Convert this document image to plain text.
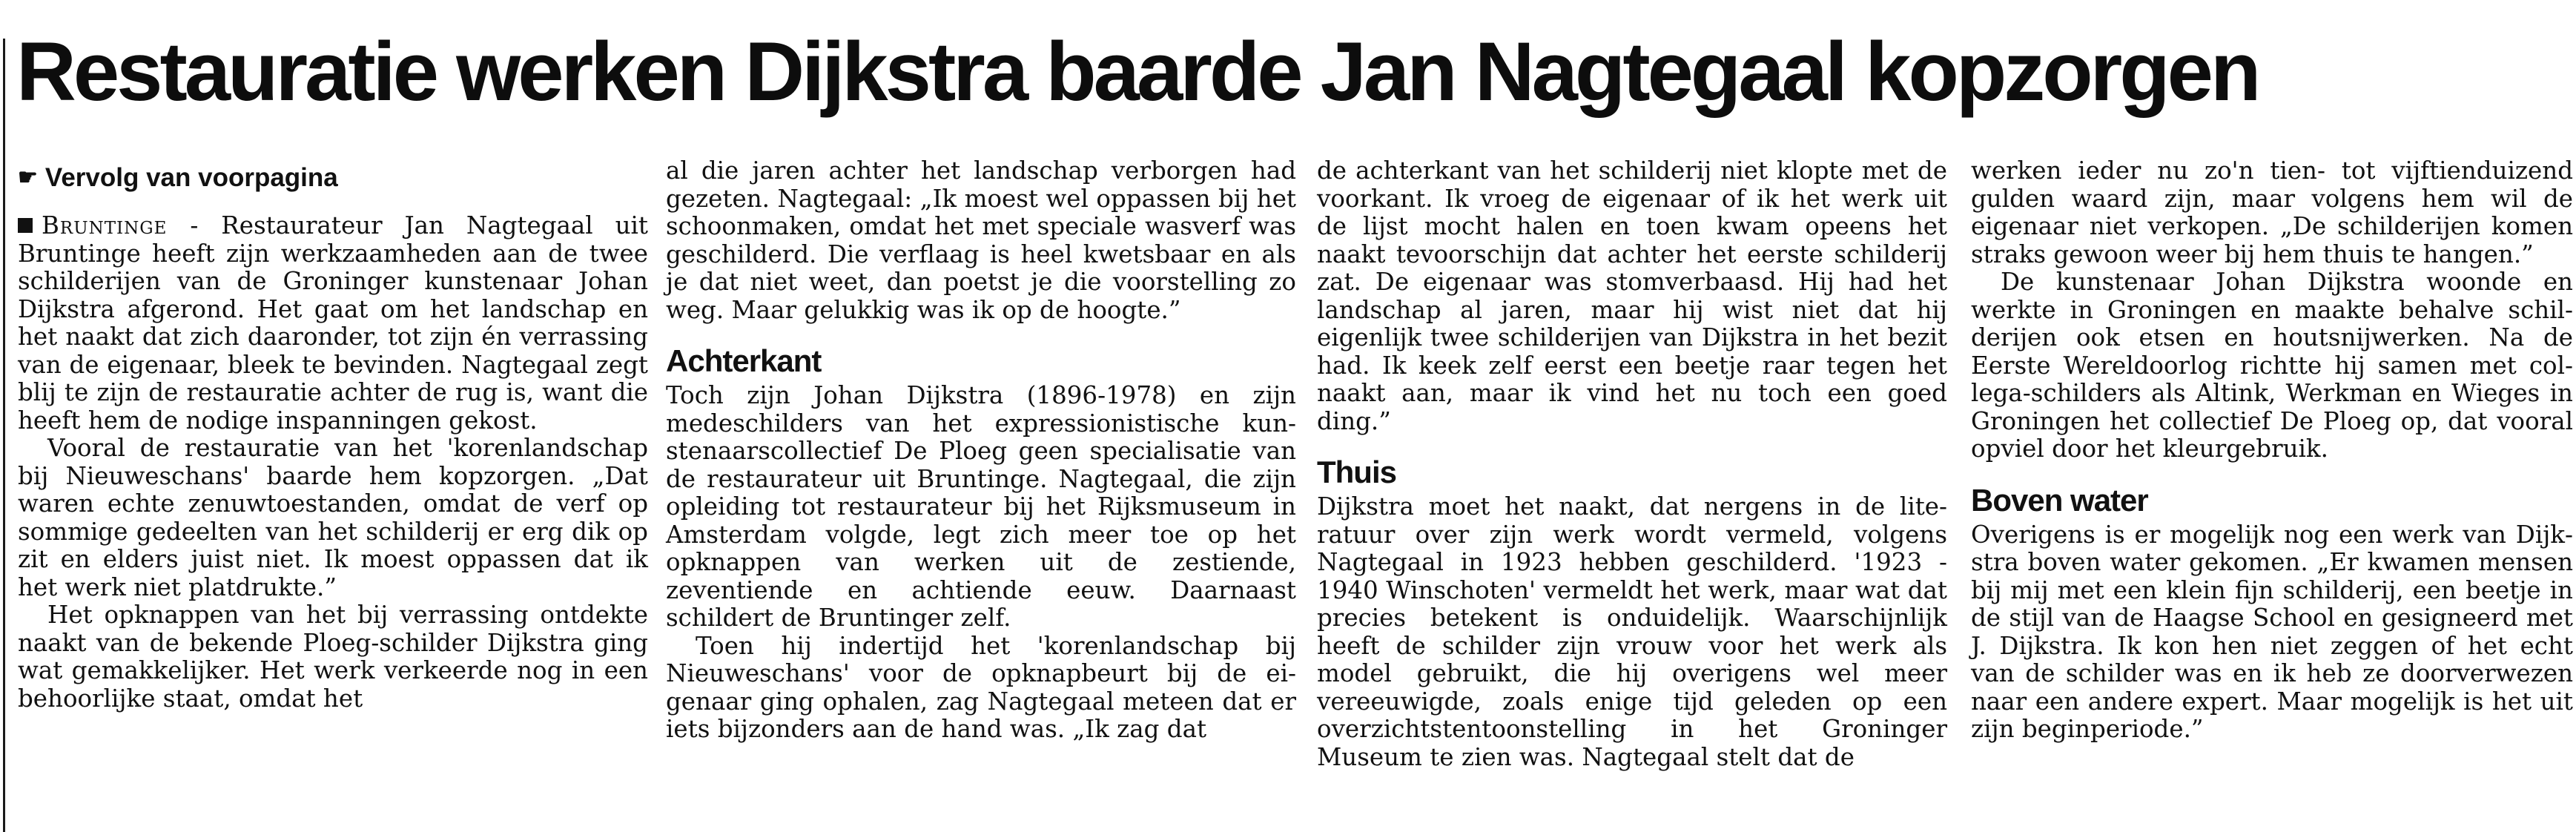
Restauratie werken Dijkstra baarde Jan Nagtegaal kopzorgen
☛ Vervolg van voorpagina

Bruntinge - Restaurateur Jan Nagtegaal uit Bruntinge heeft zijn werkzaamheden aan de twee schilderijen van de Groninger kunstenaar Johan Dijkstra afgerond. Het gaat om het landschap en het naakt dat zich daaronder, tot zijn én verrassing van de eigenaar, bleek te bevinden. Nagtegaal zegt blij te zijn de restauratie achter de rug is, want die heeft hem de nodige inspanningen gekost.

Vooral de restauratie van het 'korenlandschap bij Nieuweschans' baarde hem kopzorgen. „Dat waren echte zenuwtoestanden, omdat de verf op sommige gedeelten van het schilderij er erg dik op zit en elders juist niet. Ik moest oppassen dat ik het werk niet platdrukte.”

Het opknappen van het bij verrassing ontdekte naakt van de bekende Ploeg-schilder Dijkstra ging wat gemakkelijker. Het werk verkeerde nog in een behoorlijke staat, omdat het

al die jaren achter het landschap verborgen had gezeten. Nagtegaal: „Ik moest wel oppassen bij het schoonmaken, omdat het met speciale wasverf was geschilderd. Die verflaag is heel kwetsbaar en als je dat niet weet, dan poetst je die voorstelling zo weg. Maar gelukkig was ik op de hoogte.”

Achterkant

Toch zijn Johan Dijkstra (1896-1978) en zijn medeschilders van het expressionistische kunstenaarscollectief De Ploeg geen specialisatie van de restaurateur uit Bruntinge. Nagtegaal, die zijn opleiding tot restaurateur bij het Rijksmuseum in Amsterdam volgde, legt zich meer toe op het opknappen van werken uit de zestiende, zeventiende en achtiende eeuw. Daarnaast schildert de Bruntinger zelf.

Toen hij indertijd het 'korenlandschap bij Nieuweschans' voor de opknapbeurt bij de eigenaar ging ophalen, zag Nagtegaal meteen dat er iets bijzonders aan de hand was. „Ik zag dat

de achterkant van het schilderij niet klopte met de voorkant. Ik vroeg de eigenaar of ik het werk uit de lijst mocht halen en toen kwam opeens het naakt tevoorschijn dat achter het eerste schilderij zat. De eigenaar was stomverbaasd. Hij had het landschap al jaren, maar hij wist niet dat hij eigenlijk twee schilderijen van Dijkstra in het bezit had. Ik keek zelf eerst een beetje raar tegen het naakt aan, maar ik vind het nu toch een goed ding.”

Thuis

Dijkstra moet het naakt, dat nergens in de literatuur over zijn werk wordt vermeld, volgens Nagtegaal in 1923 hebben geschilderd. '1923 - 1940 Winschoten' vermeldt het werk, maar wat dat precies betekent is onduidelijk. Waarschijnlijk heeft de schilder zijn vrouw voor het werk als model gebruikt, die hij overigens wel meer vereeuwigde, zoals enige tijd geleden op een overzichtstentoonstelling in het Groninger Museum te zien was. Nagtegaal stelt dat de

werken ieder nu zo'n tien- tot vijftienduizend gulden waard zijn, maar volgens hem wil de eigenaar niet verkopen. „De schilderijen komen straks gewoon weer bij hem thuis te hangen.”

De kunstenaar Johan Dijkstra woonde en werkte in Groningen en maakte behalve schilderijen ook etsen en houtsnijwerken. Na de Eerste Wereldoorlog richtte hij samen met collega-schilders als Altink, Werkman en Wieges in Groningen het collectief De Ploeg op, dat vooral opviel door het kleurgebruik.

Boven water

Overigens is er mogelijk nog een werk van Dijkstra boven water gekomen. „Er kwamen mensen bij mij met een klein fijn schilderij, een beetje in de stijl van de Haagse School en gesigneerd met J. Dijkstra. Ik kon hen niet zeggen of het echt van de schilder was en ik heb ze doorverwezen naar een andere expert. Maar mogelijk is het uit zijn beginperiode.”
